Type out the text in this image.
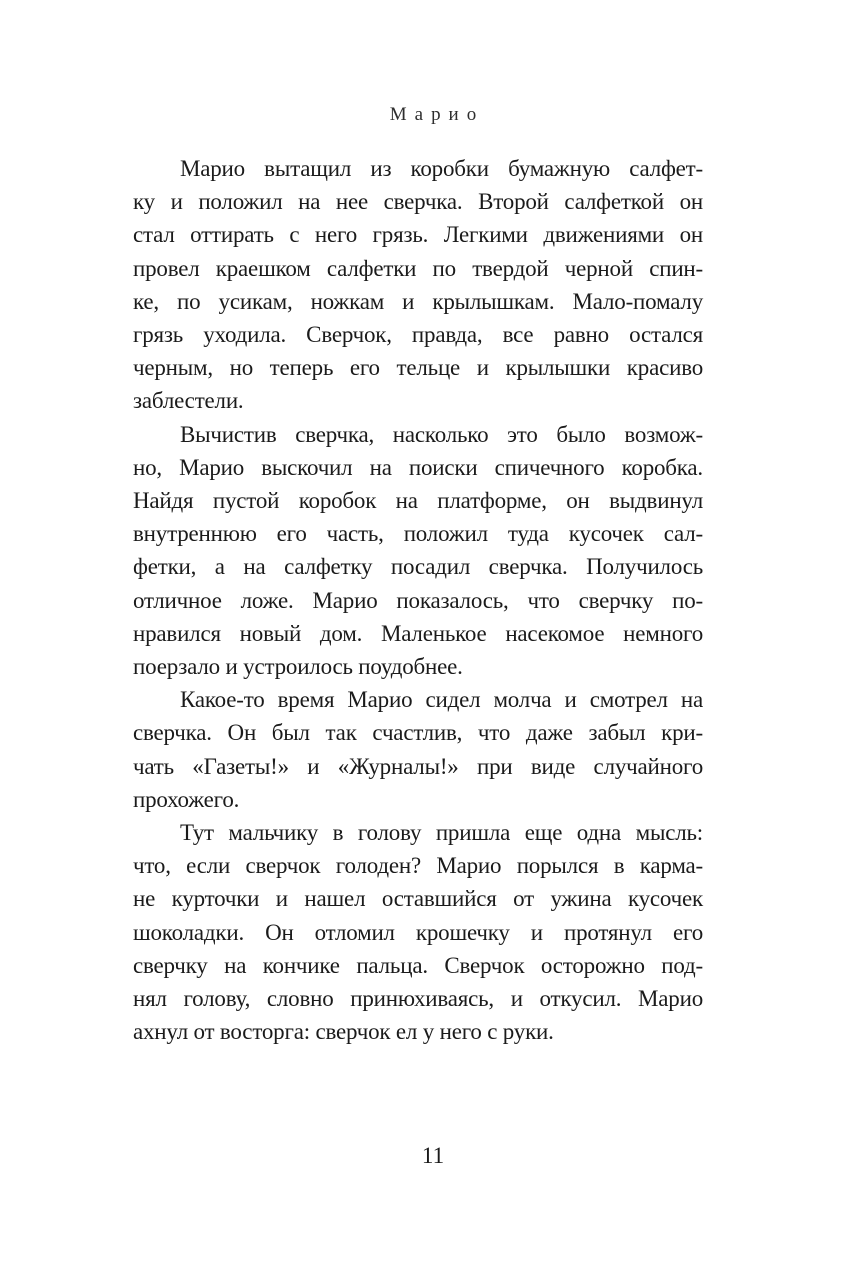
Марио
Марио вытащил из коробки бумажную салфет-
ку и положил на нее сверчка. Второй салфеткой он
стал оттирать с него грязь. Легкими движениями он
провел краешком салфетки по твердой черной спин-
ке, по усикам, ножкам и крылышкам. Мало-помалу
грязь уходила. Сверчок, правда, все равно остался
черным, но теперь его тельце и крылышки красиво
заблестели.
Вычистив сверчка, насколько это было возмож-
но, Марио выскочил на поиски спичечного коробка.
Найдя пустой коробок на платформе, он выдвинул
внутреннюю его часть, положил туда кусочек сал-
фетки, а на салфетку посадил сверчка. Получилось
отличное ложе. Марио показалось, что сверчку по-
нравился новый дом. Маленькое насекомое немного
поерзало и устроилось поудобнее.
Какое-то время Марио сидел молча и смотрел на
сверчка. Он был так счастлив, что даже забыл кри-
чать «Газеты!» и «Журналы!» при виде случайного
прохожего.
Тут мальчику в голову пришла еще одна мысль:
что, если сверчок голоден? Марио порылся в карма-
не курточки и нашел оставшийся от ужина кусочек
шоколадки. Он отломил крошечку и протянул его
сверчку на кончике пальца. Сверчок осторожно под-
нял голову, словно принюхиваясь, и откусил. Марио
ахнул от восторга: сверчок ел у него с руки.
11
